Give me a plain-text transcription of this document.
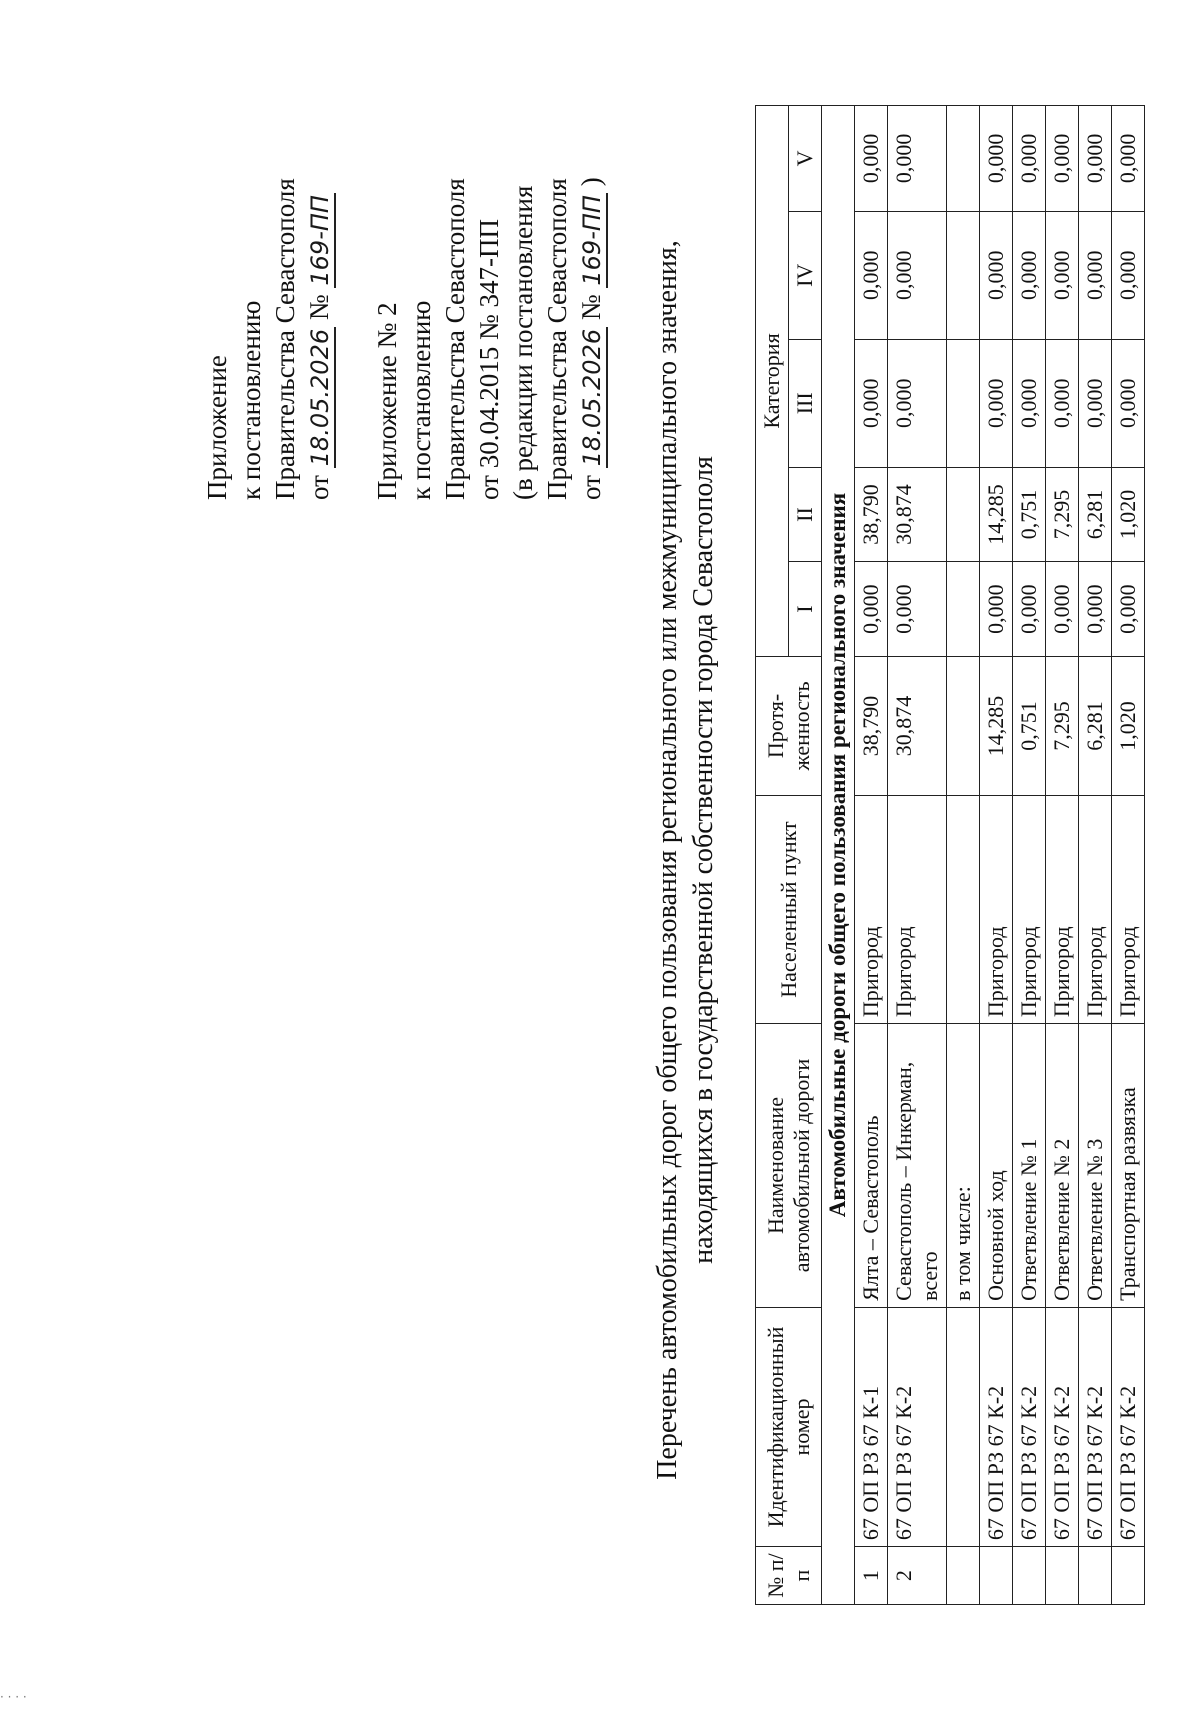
Приложение к постановлению Правительства Севастополя от 18.05.2026 № 169-ПП
Приложение № 2 к постановлению Правительства Севастополя от 30.04.2015 № 347-ПП (в редакции постановления Правительства Севастополя от 18.05.2026 № 169-ПП )
Перечень автомобильных дорог общего пользования регионального или межмуниципального значения, находящихся в государственной собственности города Севастополя
№ п/п	Идентификационный номер	Наименование автомобильной дороги	Населенный пункт	Протя- женность	Категория				
					I	II	III	IV	V
Автомобильные дороги общего пользования регионального значения									
1	67 ОП РЗ 67 К-1	Ялта – Севастополь	Пригород	38,790	0,000	38,790	0,000	0,000	0,000
2	67 ОП РЗ 67 К-2	Севастополь – Инкерман, всего	Пригород	30,874	0,000	30,874	0,000	0,000	0,000
		в том числе:							
	67 ОП РЗ 67 К-2	Основной ход	Пригород	14,285	0,000	14,285	0,000	0,000	0,000
	67 ОП РЗ 67 К-2	Ответвление № 1	Пригород	0,751	0,000	0,751	0,000	0,000	0,000
	67 ОП РЗ 67 К-2	Ответвление № 2	Пригород	7,295	0,000	7,295	0,000	0,000	0,000
	67 ОП РЗ 67 К-2	Ответвление № 3	Пригород	6,281	0,000	6,281	0,000	0,000	0,000
	67 ОП РЗ 67 К-2	Транспортная развязка	Пригород	1,020	0,000	1,020	0,000	0,000	0,000
· · · ·
